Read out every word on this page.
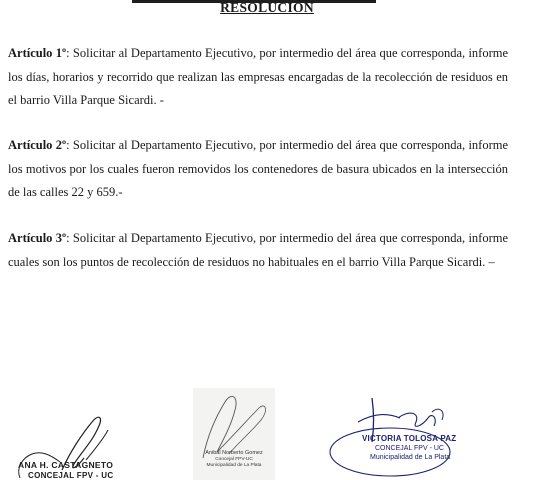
RESOLUCIÓN

Artículo 1º: Solicitar al Departamento Ejecutivo, por intermedio del área que corresponda, informe los días, horarios y recorrido que realizan las empresas encargadas de la recolección de residuos en el barrio Villa Parque Sicardi. -

Artículo 2º: Solicitar al Departamento Ejecutivo, por intermedio del área que corresponda, informe los motivos por los cuales fueron removidos los contenedores de basura ubicados en la intersección de las calles 22 y 659.-

Artículo 3º: Solicitar al Departamento Ejecutivo, por intermedio del área que corresponda, informe cuales son los puntos de recolección de residuos no habituales en el barrio Villa Parque Sicardi. –

ANA H. CASTAGNETO
CONCEJAL FPV - UC
Anibal Norberto Gomez
Concejal FPV-UC
Municipalidad de La Plata
VICTORIA TOLOSA PAZ
CONCEJAL FPV - UC
Municipalidad de La Plata
